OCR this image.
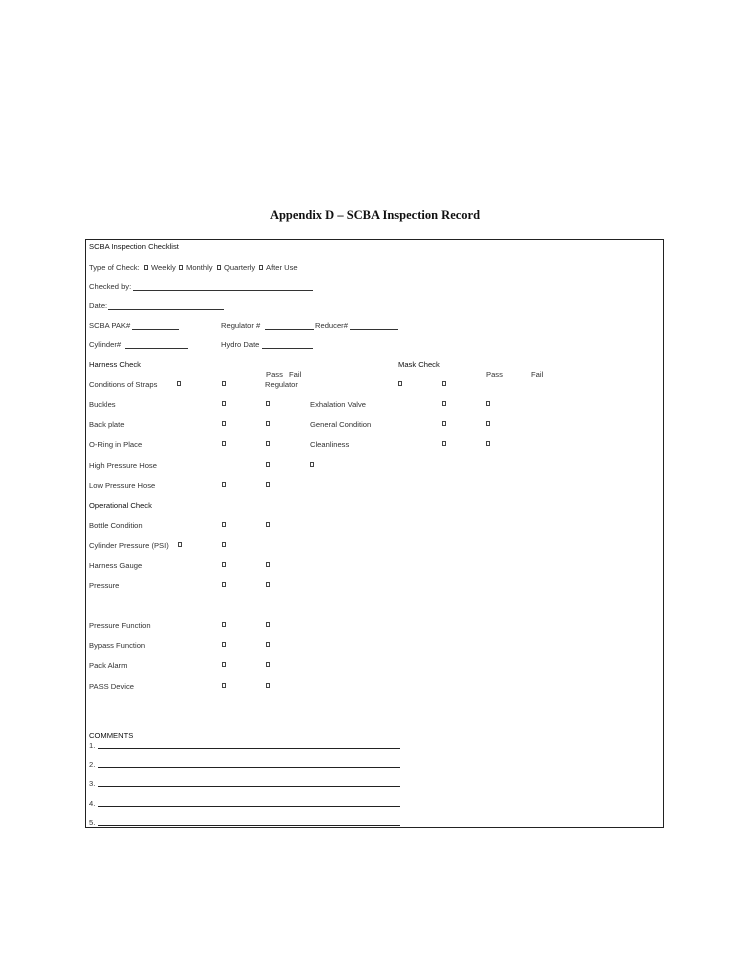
Appendix D – SCBA Inspection Record
SCBA Inspection Checklist
Type of Check: Weekly Monthly Quarterly After Use
Checked by:
Date:
SCBA PAK#	Regulator #	Reducer#
Cylinder#	Hydro Date
Harness Check
Pass Fail
Mask Check
Pass	Fail
Conditions of Straps	Regulator
Buckles	Exhalation Valve
Back plate	General Condition
O-Ring in Place	Cleanliness
High Pressure Hose
Low Pressure Hose
Operational Check
Bottle Condition
Cylinder Pressure (PSI)
Harness Gauge
Pressure
Pressure Function
Bypass Function
Pack Alarm
PASS Device
COMMENTS
1.
2.
3.
4.
5.
